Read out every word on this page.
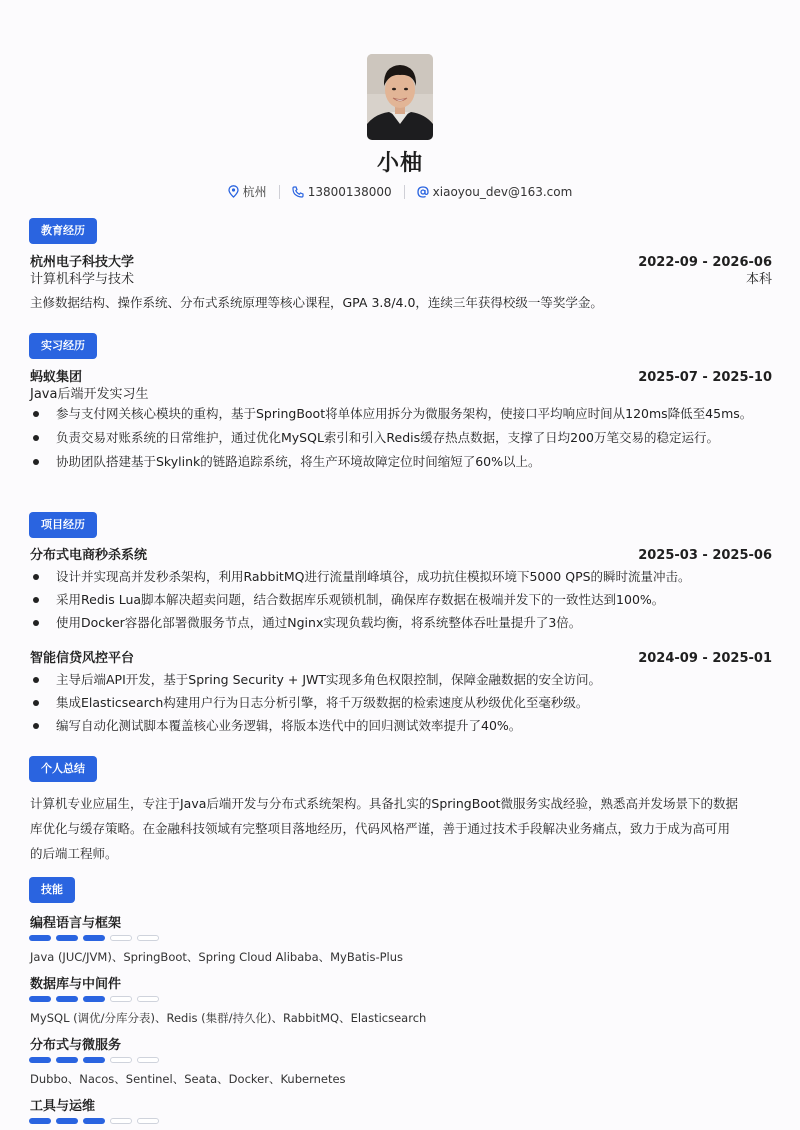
小柚
杭州	13800138000	xiaoyou_dev@163.com
教育经历
杭州电子科技大学	2022-09 - 2026-06
计算机科学与技术	本科
主修数据结构、操作系统、分布式系统原理等核心课程，GPA 3.8/4.0，连续三年获得校级一等奖学金。
实习经历
蚂蚁集团	2025-07 - 2025-10
Java后端开发实习生
参与支付网关核心模块的重构，基于SpringBoot将单体应用拆分为微服务架构，使接口平均响应时间从120ms降低至45ms。
负责交易对账系统的日常维护，通过优化MySQL索引和引入Redis缓存热点数据，支撑了日均200万笔交易的稳定运行。
协助团队搭建基于Skylink的链路追踪系统，将生产环境故障定位时间缩短了60%以上。
项目经历
分布式电商秒杀系统	2025-03 - 2025-06
设计并实现高并发秒杀架构，利用RabbitMQ进行流量削峰填谷，成功抗住模拟环境下5000 QPS的瞬时流量冲击。
采用Redis Lua脚本解决超卖问题，结合数据库乐观锁机制，确保库存数据在极端并发下的一致性达到100%。
使用Docker容器化部署微服务节点，通过Nginx实现负载均衡，将系统整体吞吐量提升了3倍。
智能信贷风控平台	2024-09 - 2025-01
主导后端API开发，基于Spring Security + JWT实现多角色权限控制，保障金融数据的安全访问。
集成Elasticsearch构建用户行为日志分析引擎，将千万级数据的检索速度从秒级优化至毫秒级。
编写自动化测试脚本覆盖核心业务逻辑，将版本迭代中的回归测试效率提升了40%。
个人总结
计算机专业应届生，专注于Java后端开发与分布式系统架构。具备扎实的SpringBoot微服务实战经验，熟悉高并发场景下的数据
库优化与缓存策略。在金融科技领域有完整项目落地经历，代码风格严谨，善于通过技术手段解决业务痛点，致力于成为高可用
的后端工程师。
技能
编程语言与框架
Java (JUC/JVM)、SpringBoot、Spring Cloud Alibaba、MyBatis-Plus
数据库与中间件
MySQL (调优/分库分表)、Redis (集群/持久化)、RabbitMQ、Elasticsearch
分布式与微服务
Dubbo、Nacos、Sentinel、Seata、Docker、Kubernetes
工具与运维
